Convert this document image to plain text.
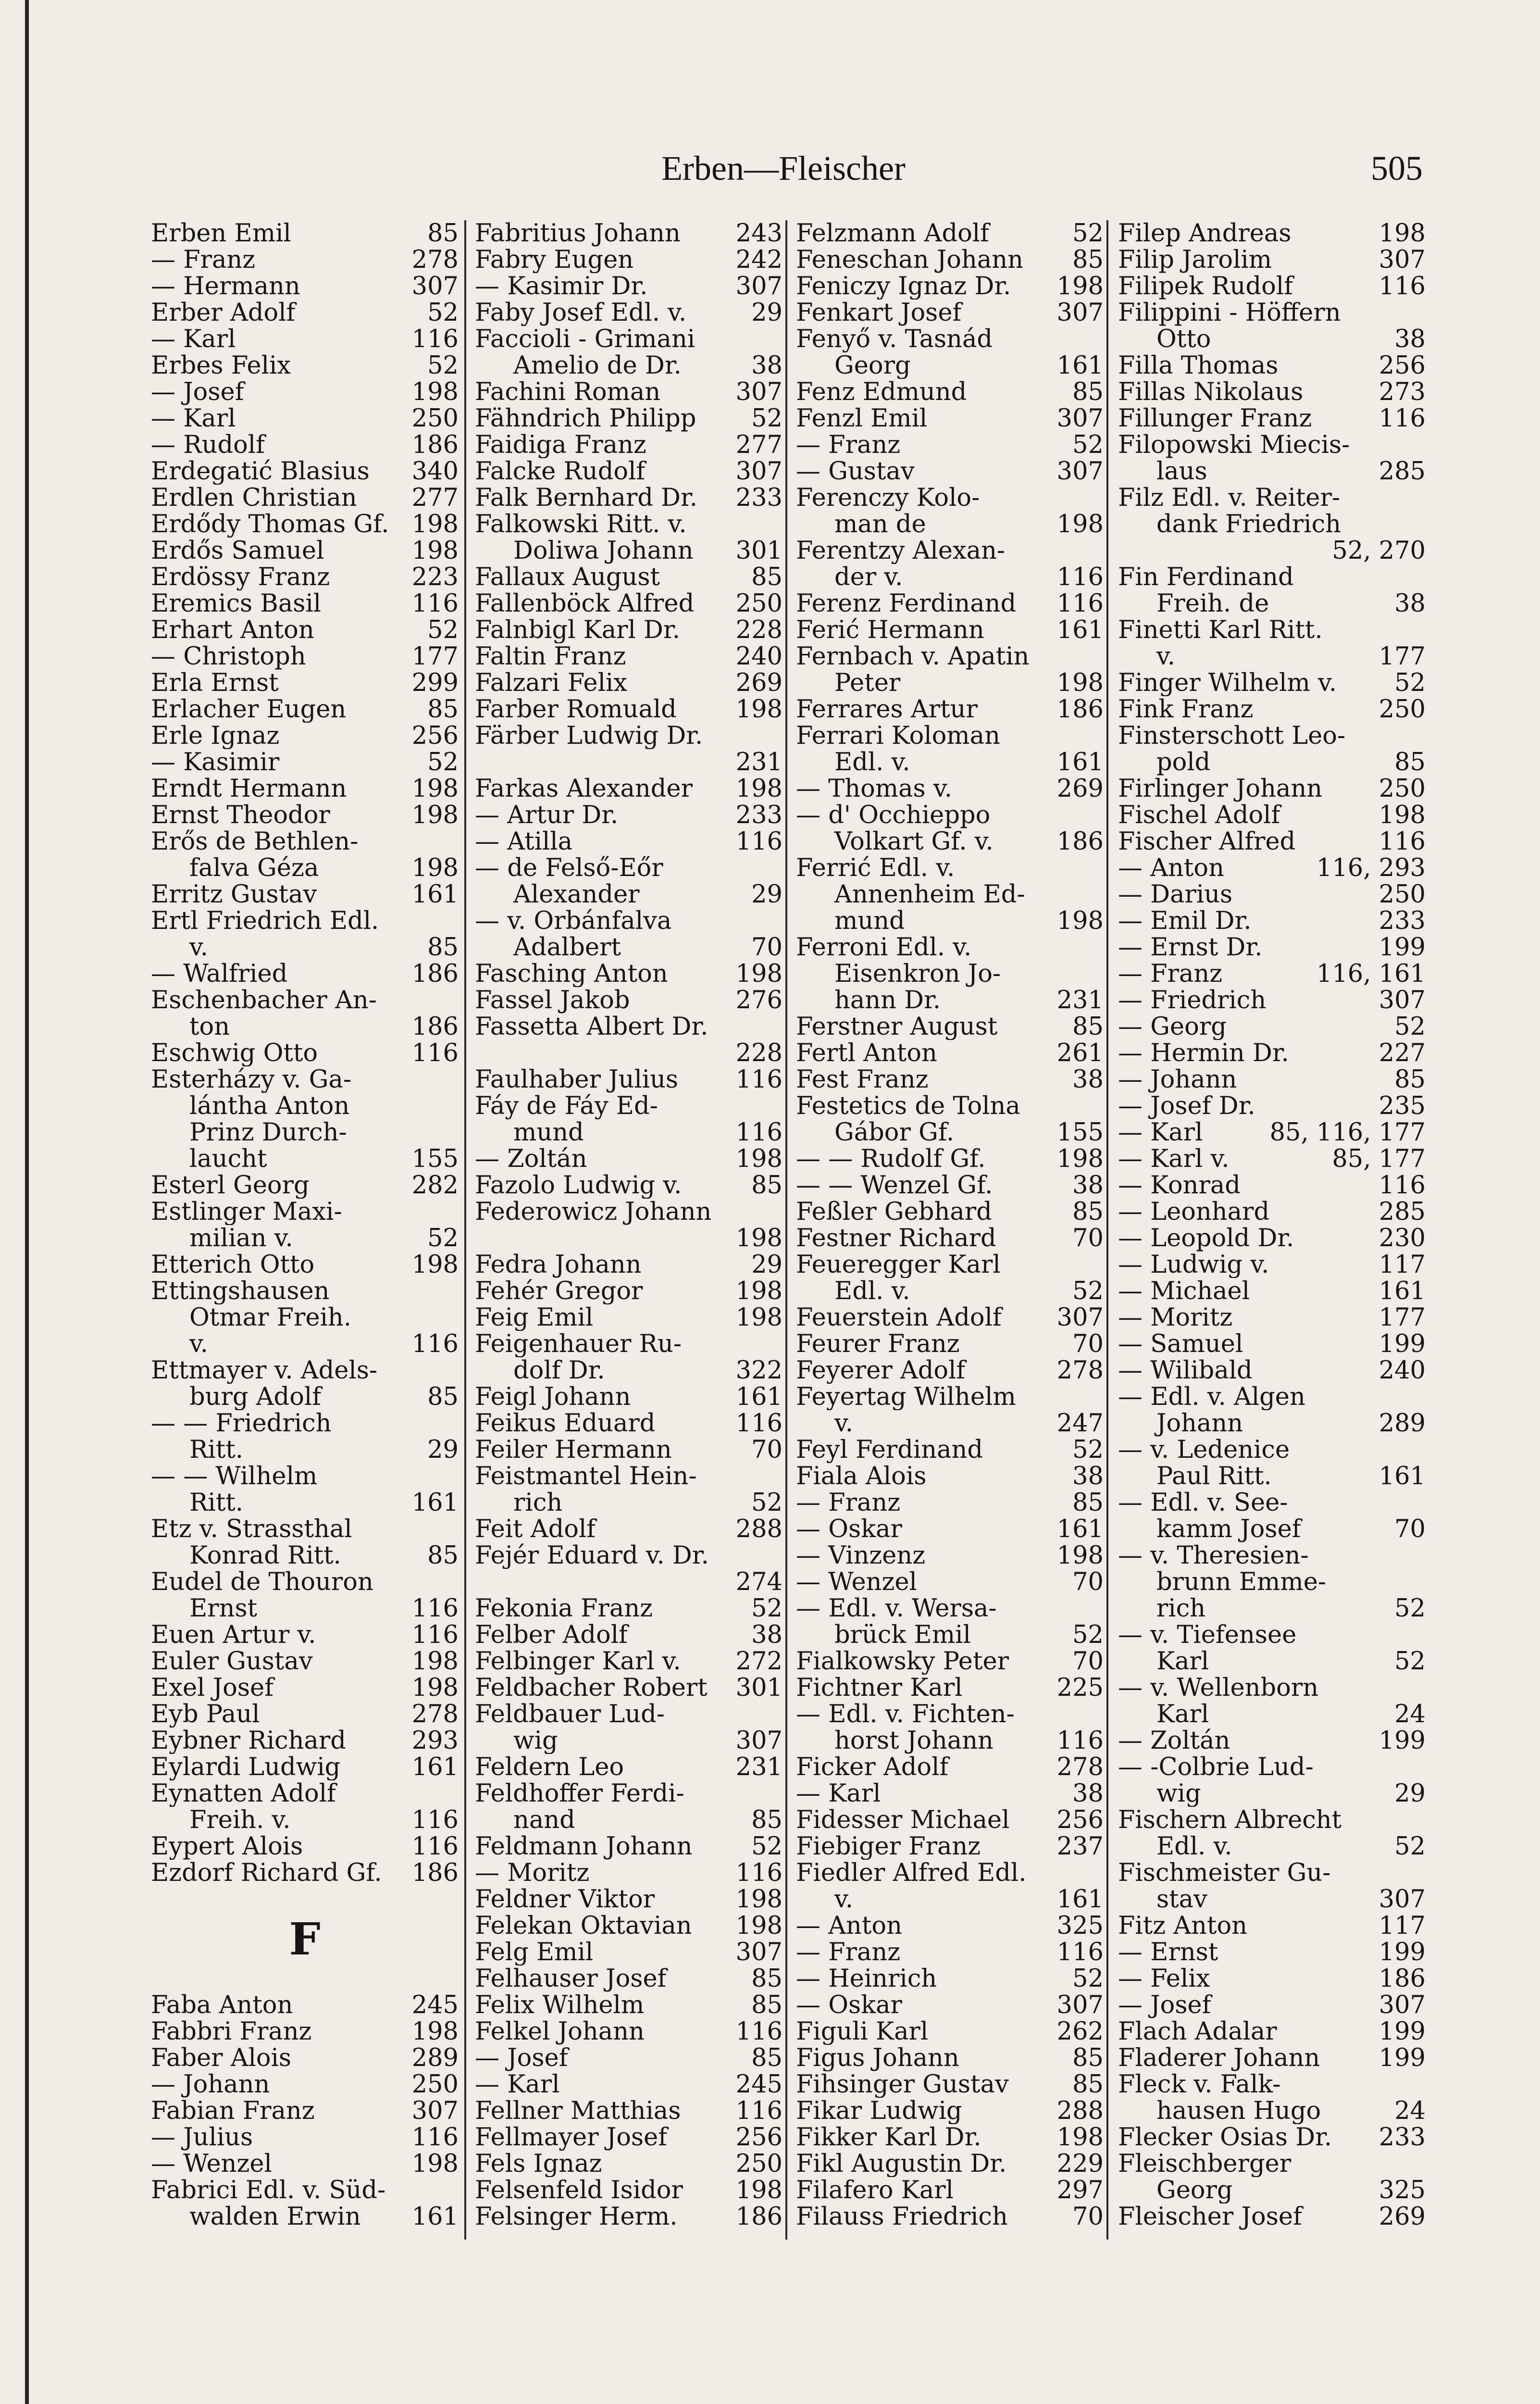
Erben—Fleischer	505
Erben Emil	85
— Franz	278
— Hermann	307
Erber Adolf	52
— Karl	116
Erbes Felix	52
— Josef	198
— Karl	250
— Rudolf	186
Erdegatić Blasius	340
Erdlen Christian	277
Erdődy Thomas Gf. 198
Erdős Samuel	198
Erdössy Franz	223
Eremics Basil	116
Erhart Anton	52
— Christoph	177
Erla Ernst	299
Erlacher Eugen	85
Erle Ignaz	256
— Kasimir	52
Erndt Hermann	198
Ernst Theodor	198
Erős de Bethlen-
falva Géza	198
Erritz Gustav	161
Ertl Friedrich Edl.
v.	85
— Walfried	186
Eschenbacher An-
ton	186
Eschwig Otto	116
Esterházy v. Ga-
lántha Anton
Prinz Durch-
laucht	155
Esterl Georg	282
Estlinger Maxi-
milian v.	52
Etterich Otto	198
Ettingshausen
Otmar Freih.
v.	116
Ettmayer v. Adels-
burg Adolf	85
— — Friedrich
Ritt.	29
— — Wilhelm
Ritt.	161
Etz v. Strassthal
Konrad Ritt.	85
Eudel de Thouron
Ernst	116
Euen Artur v.	116
Euler Gustav	198
Exel Josef	198
Eyb Paul	278
Eybner Richard	293
Eylardi Ludwig	161
Eynatten Adolf
Freih. v.	116
Eypert Alois	116
Ezdorf Richard Gf.	186
F
Faba Anton	245
Fabbri Franz	198
Faber Alois	289
— Johann	250
Fabian Franz	307
— Julius	116
— Wenzel	198
Fabrici Edl. v. Süd-
walden Erwin	161
Fabritius Johann	243
Fabry Eugen	242
— Kasimir Dr.	307
Faby Josef Edl. v.	29
Faccioli - Grimani
Amelio de Dr.	38
Fachini Roman	307
Fähndrich Philipp	52
Faidiga Franz	277
Falcke Rudolf	307
Falk Bernhard Dr.	233
Falkowski Ritt. v.
Doliwa Johann	301
Fallaux August	85
Fallenböck Alfred	250
Falnbigl Karl Dr.	228
Faltin Franz	240
Falzari Felix	269
Farber Romuald	198
Färber Ludwig Dr.
231
Farkas Alexander	198
— Artur Dr.	233
— Atilla	116
— de Felső-Eőr
Alexander	29
— v. Orbánfalva
Adalbert	70
Fasching Anton	198
Fassel Jakob	276
Fassetta Albert Dr.
228
Faulhaber Julius	116
Fáy de Fáy Ed-
mund	116
— Zoltán	198
Fazolo Ludwig v.	85
Federowicz Johann
198
Fedra Johann	29
Fehér Gregor	198
Feig Emil	198
Feigenhauer Ru-
dolf Dr.	322
Feigl Johann	161
Feikus Eduard	116
Feiler Hermann	70
Feistmantel Hein-
rich	52
Feit Adolf	288
Fejér Eduard v. Dr.
274
Fekonia Franz	52
Felber Adolf	38
Felbinger Karl v.	272
Feldbacher Robert	301
Feldbauer Lud-
wig	307
Feldern Leo	231
Feldhoffer Ferdi-
nand	85
Feldmann Johann	52
— Moritz	116
Feldner Viktor	198
Felekan Oktavian	198
Felg Emil	307
Felhauser Josef	85
Felix Wilhelm	85
Felkel Johann	116
— Josef	85
— Karl	245
Fellner Matthias	116
Fellmayer Josef	256
Fels Ignaz	250
Felsenfeld Isidor	198
Felsinger Herm.	186
Felzmann Adolf	52
Feneschan Johann	85
Feniczy Ignaz Dr.	198
Fenkart Josef	307
Fenyő v. Tasnád
Georg	161
Fenz Edmund	85
Fenzl Emil	307
— Franz	52
— Gustav	307
Ferenczy Kolo-
man de	198
Ferentzy Alexan-
der v.	116
Ferenz Ferdinand	116
Ferić Hermann	161
Fernbach v. Apatin
Peter	198
Ferrares Artur	186
Ferrari Koloman
Edl. v.	161
— Thomas v.	269
— d' Occhieppo
Volkart Gf. v.	186
Ferrić Edl. v.
Annenheim Ed-
mund	198
Ferroni Edl. v.
Eisenkron Jo-
hann Dr.	231
Ferstner August	85
Fertl Anton	261
Fest Franz	38
Festetics de Tolna
Gábor Gf.	155
— — Rudolf Gf.	198
— — Wenzel Gf.	38
Feßler Gebhard	85
Festner Richard	70
Feueregger Karl
Edl. v.	52
Feuerstein Adolf	307
Feurer Franz	70
Feyerer Adolf	278
Feyertag Wilhelm
v.	247
Feyl Ferdinand	52
Fiala Alois	38
— Franz	85
— Oskar	161
— Vinzenz	198
— Wenzel	70
— Edl. v. Wersa-
brück Emil	52
Fialkowsky Peter	70
Fichtner Karl	225
— Edl. v. Fichten-
horst Johann	116
Ficker Adolf	278
— Karl	38
Fidesser Michael	256
Fiebiger Franz	237
Fiedler Alfred Edl.
v.	161
— Anton	325
— Franz	116
— Heinrich	52
— Oskar	307
Figuli Karl	262
Figus Johann	85
Fihsinger Gustav	85
Fikar Ludwig	288
Fikker Karl Dr.	198
Fikl Augustin Dr.	229
Filafero Karl	297
Filauss Friedrich	70
Filep Andreas	198
Filip Jarolim	307
Filipek Rudolf	116
Filippini - Höffern
Otto	38
Filla Thomas	256
Fillas Nikolaus	273
Fillunger Franz	116
Filopowski Miecis-
laus	285
Filz Edl. v. Reiter-
dank Friedrich
52, 270
Fin Ferdinand
Freih. de	38
Finetti Karl Ritt.
v.	177
Finger Wilhelm v.	52
Fink Franz	250
Finsterschott Leo-
pold	85
Firlinger Johann	250
Fischel Adolf	198
Fischer Alfred	116
— Anton	116, 293
— Darius	250
— Emil Dr.	233
— Ernst Dr.	199
— Franz	116, 161
— Friedrich	307
— Georg	52
— Hermin Dr.	227
— Johann	85
— Josef Dr.	235
— Karl	85, 116, 177
— Karl v.	85, 177
— Konrad	116
— Leonhard	285
— Leopold Dr.	230
— Ludwig v.	117
— Michael	161
— Moritz	177
— Samuel	199
— Wilibald	240
— Edl. v. Algen
Johann	289
— v. Ledenice
Paul Ritt.	161
— Edl. v. See-
kamm Josef	70
— v. Theresien-
brunn Emme-
rich	52
— v. Tiefensee
Karl	52
— v. Wellenborn
Karl	24
— Zoltán	199
— -Colbrie Lud-
wig	29
Fischern Albrecht
Edl. v.	52
Fischmeister Gu-
stav	307
Fitz Anton	117
— Ernst	199
— Felix	186
— Josef	307
Flach Adalar	199
Fladerer Johann	199
Fleck v. Falk-
hausen Hugo	24
Flecker Osias Dr.	233
Fleischberger
Georg	325
Fleischer Josef	269
